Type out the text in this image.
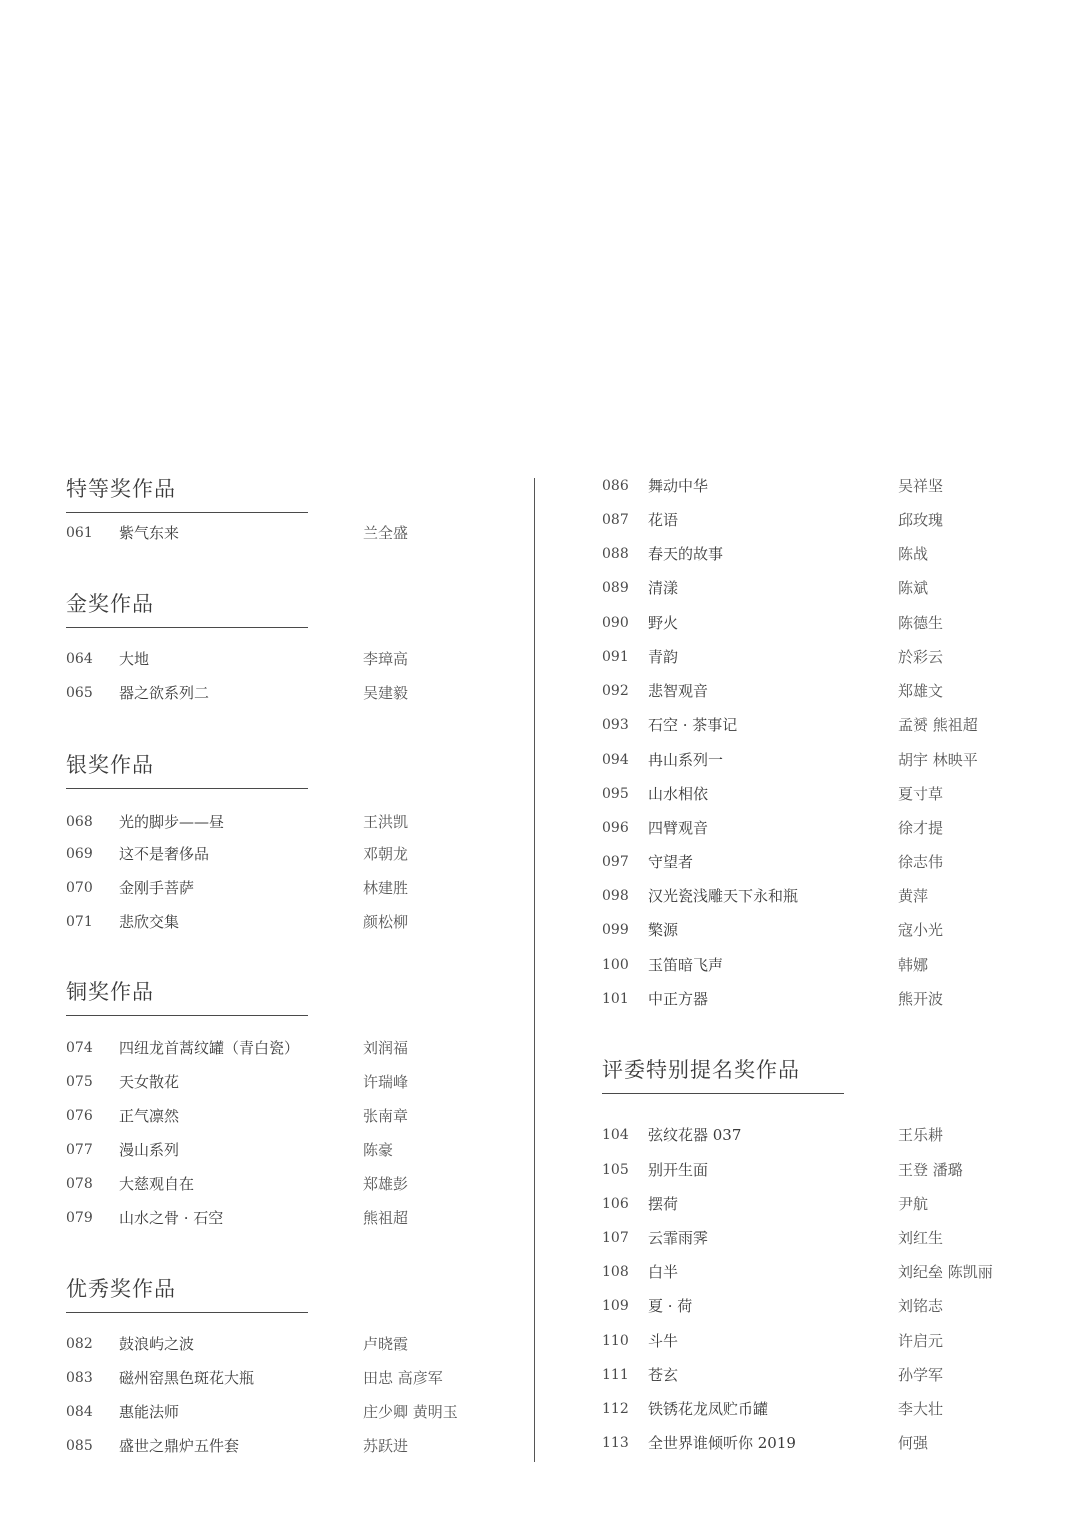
特等奖作品
061	紫气东来	兰全盛
金奖作品
064	大地	李璋高
065	器之欲系列二	吴建毅
银奖作品
068	光的脚步——昼	王洪凯
069	这不是奢侈品	邓朝龙
070	金刚手菩萨	林建胜
071	悲欣交集	颜松柳
铜奖作品
074	四纽龙首蒿纹罐（青白瓷）	刘润福
075	天女散花	许瑞峰
076	正气凛然	张南章
077	漫山系列	陈豪
078	大慈观自在	郑雄彭
079	山水之骨 · 石空	熊祖超
优秀奖作品
082	鼓浪屿之波	卢晓霞
083	磁州窑黑色斑花大瓶	田忠 高彦军
084	惠能法师	庄少卿 黄明玉
085	盛世之鼎炉五件套	苏跃进
086	舞动中华	吴祥坚
087	花语	邱玫瑰
088	春天的故事	陈战
089	清漾	陈斌
090	野火	陈德生
091	青韵	於彩云
092	悲智观音	郑雄文
093	石空 · 茶事记	孟赟 熊祖超
094	冉山系列一	胡宇 林映平
095	山水相依	夏寸草
096	四臂观音	徐才提
097	守望者	徐志伟
098	汉光瓷浅雕天下永和瓶	黄萍
099	檠源	寇小光
100	玉笛暗飞声	韩娜
101	中正方器	熊开波
评委特别提名奖作品
104	弦纹花器 037	王乐耕
105	别开生面	王登 潘璐
106	摆荷	尹航
107	云霏雨霁	刘红生
108	白半	刘纪垒 陈凯丽
109	夏 · 荷	刘铭志
110	斗牛	许启元
111	苍玄	孙学军
112	铁锈花龙凤贮币罐	李大壮
113	全世界谁倾听你 2019	何强
